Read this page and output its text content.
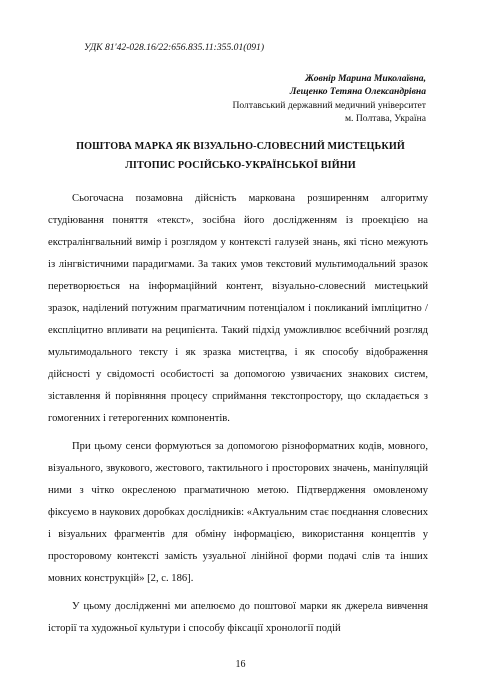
УДК 81'42-028.16/22:656.835.11:355.01(091)
Жовнір Марина Миколаївна,
Лещенко Тетяна Олександрівна
Полтавський державний медичний університет
м. Полтава, Україна
ПОШТОВА МАРКА ЯК ВІЗУАЛЬНО-СЛОВЕСНИЙ МИСТЕЦЬКИЙ
ЛІТОПИС РОСІЙСЬКО-УКРАЇНСЬКОЇ ВІЙНИ

Сьогочасна позамовна дійсність маркована розширенням алгоритму студіювання поняття «текст», зосібна його дослідженням із проекцією на екстралінгвальний вимір і розглядом у контексті галузей знань, які тісно межують із лінгвістичними парадигмами. За таких умов текстовий мультимодальний зразок перетворюється на інформаційний контент, візуально-словесний мистецький зразок, наділений потужним прагматичним потенціалом і покликаний імпліцитно / експліцитно впливати на реципієнта. Такий підхід уможливлює всебічний розгляд мультимодального тексту і як зразка мистецтва, і як способу відображення дійсності у свідомості особистості за допомогою узвичаєних знакових систем, зіставлення й порівняння процесу сприймання текстопростору, що складається з гомогенних і гетерогенних компонентів.

При цьому сенси формуються за допомогою різноформатних кодів, мовного, візуального, звукового, жестового, тактильного і просторових значень, маніпуляцій ними з чітко окресленою прагматичною метою. Підтвердження омовленому фіксуємо в наукових доробках дослідників: «Актуальним стає поєднання словесних і візуальних фрагментів для обміну інформацією, використання концептів у просторовому контексті замість узуальної лінійної форми подачі слів та інших мовних конструкцій» [2, с. 186].

У цьому дослідженні ми апелюємо до поштової марки як джерела вивчення історії та художньої культури і способу фіксації хронології подій

16
